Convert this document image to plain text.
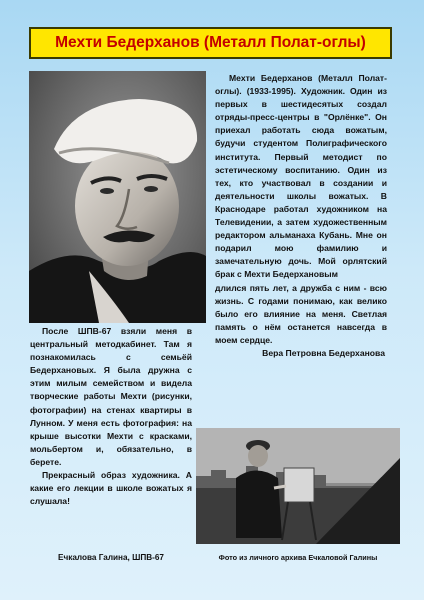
Мехти Бедерханов (Металл Полат-оглы)

Мехти Бедерханов (Металл Полат-оглы). (1933-1995). Художник. Один из первых в шестидесятых создал отряды-пресс-центры в "Орлёнке". Он приехал работать сюда вожатым, будучи студентом Полиграфического института. Первый методист по эстетическому воспитанию. Один из тех, кто участвовал в создании и деятельности школы вожатых. В Краснодаре работал художником на Телевидении, а затем художественным редактором альманаха Кубань. Мне он подарил мою фамилию и замечательную дочь. Мой орлятский брак с Мехти Бедерхановым

длился пять лет, а дружба с ним - всю жизнь. С годами понимаю, как велико было его влияние на меня. Светлая память о нём останется навсегда в моем сердце.

Вера Петровна Бедерханова

После ШПВ-67 взяли меня в центральный методкабинет. Там я познакомилась с семьёй Бедерхановых. Я была дружна с этим милым семейством и видела творческие работы Мехти (рисунки, фотографии) на стенах квартиры в Лунном. У меня есть фотография: на крыше высотки Мехти с красками, мольбертом и, обязательно, в берете.

Прекрасный образ художника. А какие его лекции в школе вожатых я слушала!

Ечкалова Галина, ШПВ-67	Фото из личного архива Ечкаловой Галины
